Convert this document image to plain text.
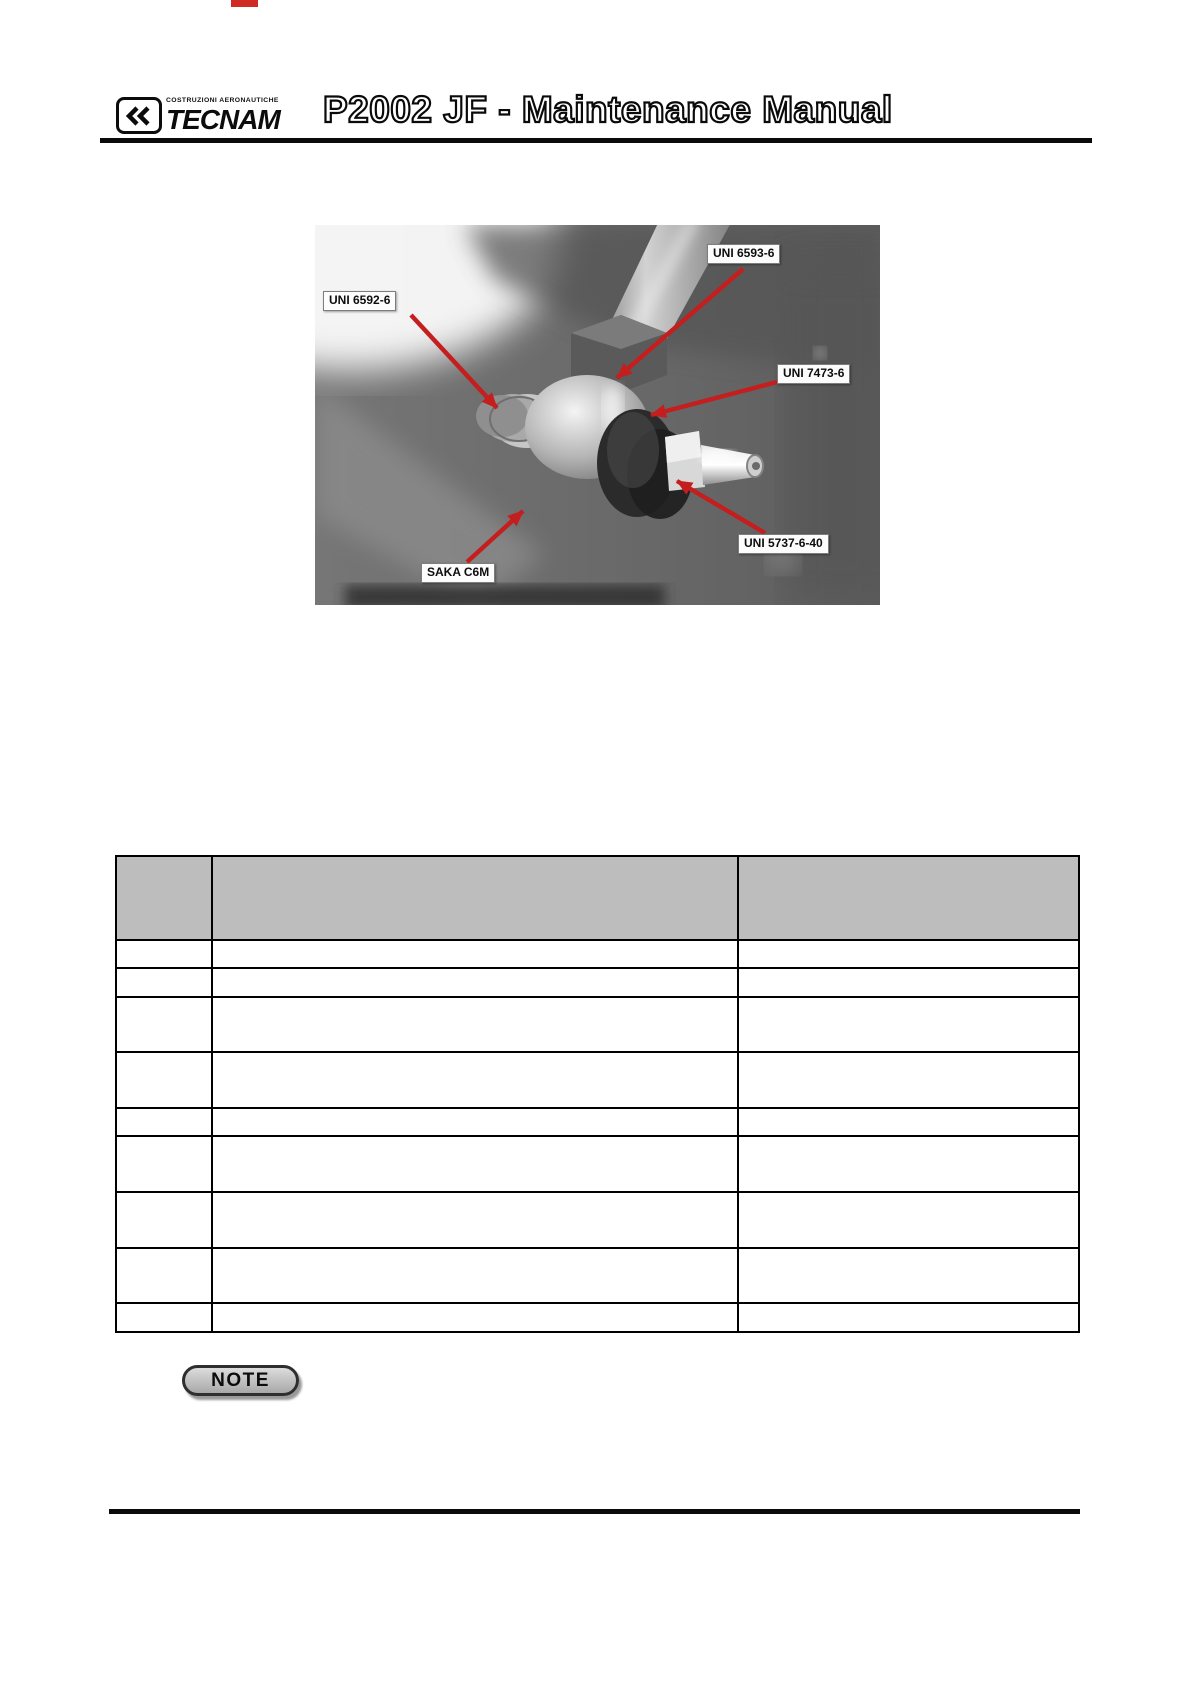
COSTRUZIONI AERONAUTICHE
TECNAM P2002 JF - Maintenance Manual
UNI 6592-6
UNI 6593-6
UNI 7473-6
UNI 5737-6-40
SAKA C6M

NOTE
